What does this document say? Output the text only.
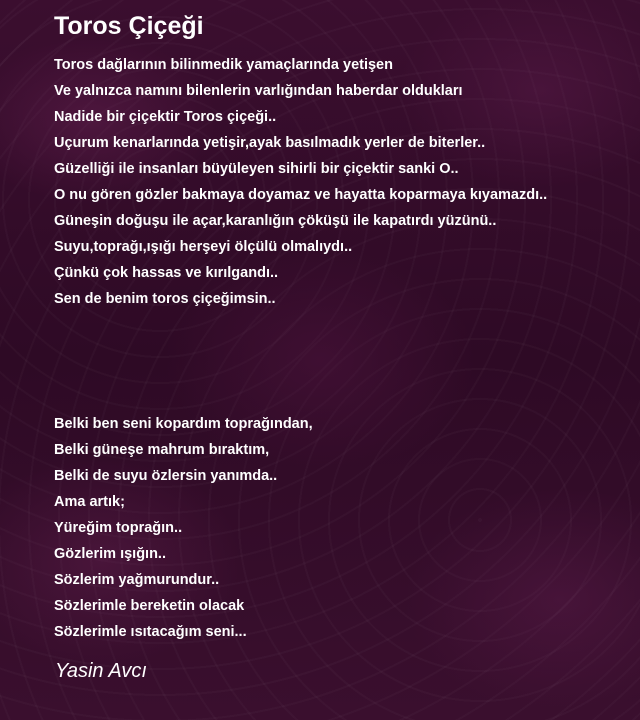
Toros Çiçeği
Toros dağlarının bilinmedik yamaçlarında yetişen
Ve yalnızca namını bilenlerin varlığından haberdar oldukları
Nadide bir çiçektir Toros çiçeği..
Uçurum kenarlarında yetişir,ayak basılmadık yerler de biterler..
Güzelliği ile insanları büyüleyen sihirli bir çiçektir sanki O..
O nu gören gözler bakmaya doyamaz ve hayatta koparmaya kıyamazdı..
Güneşin doğuşu ile açar,karanlığın çöküşü ile kapatırdı yüzünü..
Suyu,toprağı,ışığı herşeyi ölçülü olmalıydı..
Çünkü çok hassas ve kırılgandı..
Sen de benim toros çiçeğimsin..
Belki ben seni kopardım toprağından,
Belki güneşe mahrum bıraktım,
Belki de suyu özlersin yanımda..
Ama artık;
Yüreğim toprağın..
Gözlerim ışığın..
Sözlerim yağmurundur..
Sözlerimle bereketin olacak
Sözlerimle ısıtacağım seni...

Yasin Avcı
